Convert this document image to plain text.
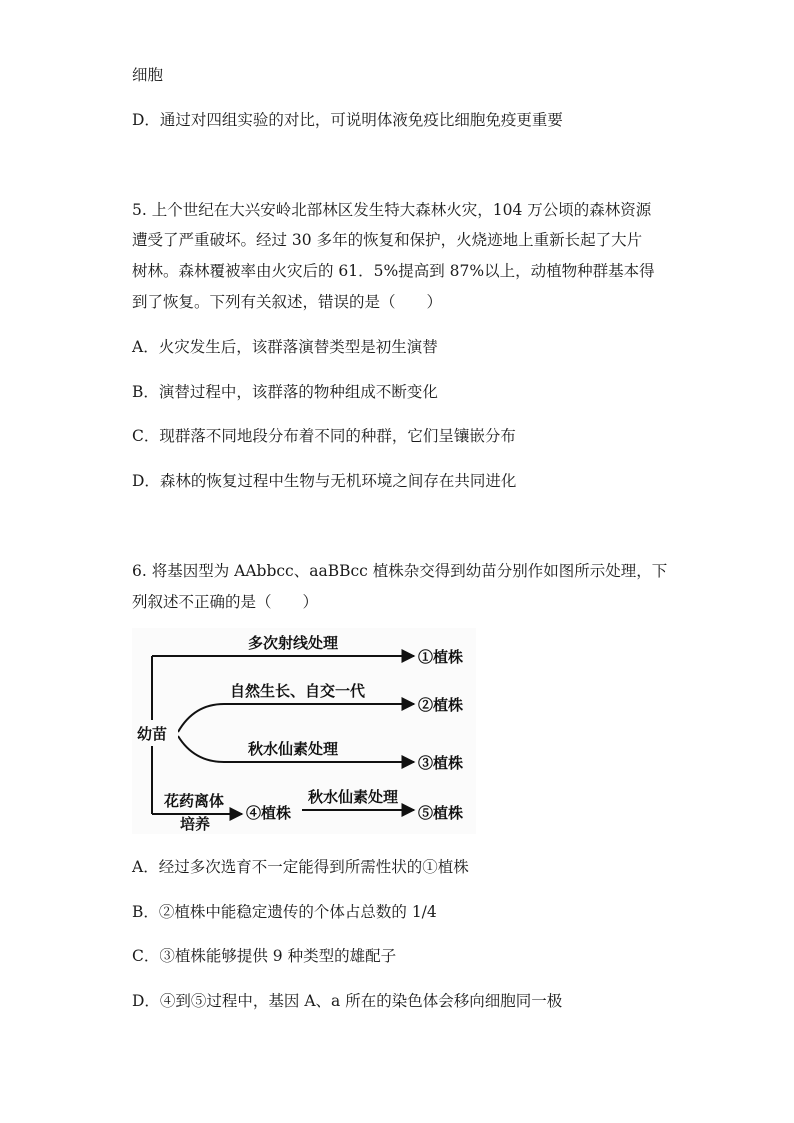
细胞
D．通过对四组实验的对比，可说明体液免疫比细胞免疫更重要
5. 上个世纪在大兴安岭北部林区发生特大森林火灾，104 万公顷的森林资源
遭受了严重破坏。经过 30 多年的恢复和保护，火烧迹地上重新长起了大片
树林。森林覆被率由火灾后的 61．5%提高到 87%以上，动植物种群基本得
到了恢复。下列有关叙述，错误的是（　　）
A．火灾发生后，该群落演替类型是初生演替
B．演替过程中，该群落的物种组成不断变化
C．现群落不同地段分布着不同的种群，它们呈镶嵌分布
D．森林的恢复过程中生物与无机环境之间存在共同进化
6. 将基因型为 AAbbcc、aaBBcc 植株杂交得到幼苗分别作如图所示处理，下
列叙述不正确的是（　　）
幼苗
多次射线处理
①植株
自然生长、自交一代
②植株
秋水仙素处理
③植株
花药离体
培养
④植株
秋水仙素处理
⑤植株
A．经过多次选育不一定能得到所需性状的①植株
B．②植株中能稳定遗传的个体占总数的 1/4
C．③植株能够提供 9 种类型的雄配子
D．④到⑤过程中，基因 A、a 所在的染色体会移向细胞同一极
